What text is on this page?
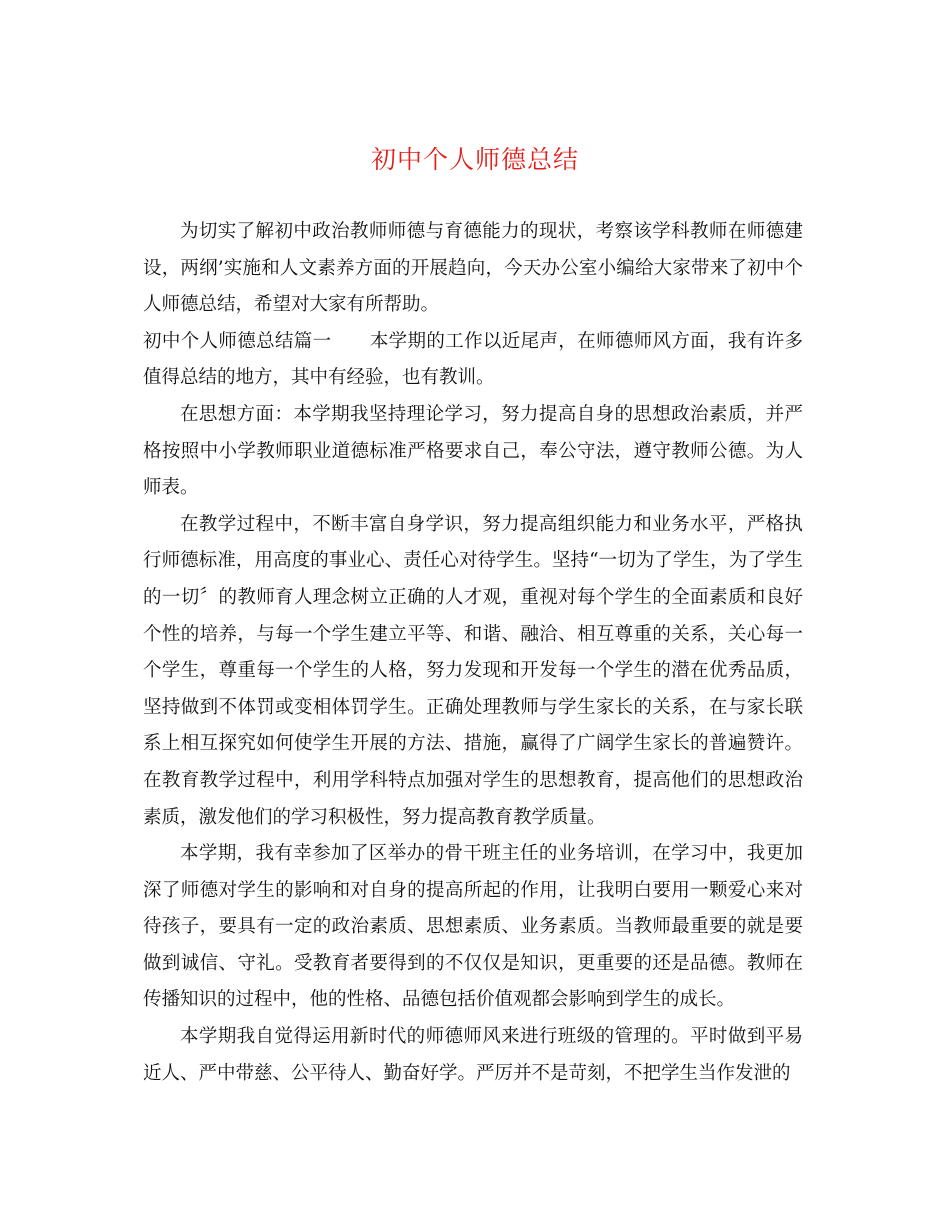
初中个人师德总结

为切实了解初中政治教师师德与育德能力的现状，考察该学科教师在师德建设，两纲’实施和人文素养方面的开展趋向，今天办公室小编给大家带来了初中个人师德总结，希望对大家有所帮助。

初中个人师德总结篇一 本学期的工作以近尾声，在师德师风方面，我有许多值得总结的地方，其中有经验，也有教训。

在思想方面：本学期我坚持理论学习，努力提高自身的思想政治素质，并严格按照中小学教师职业道德标准严格要求自己，奉公守法，遵守教师公德。为人师表。

在教学过程中，不断丰富自身学识，努力提高组织能力和业务水平，严格执行师德标准，用高度的事业心、责任心对待学生。坚持“一切为了学生，为了学生的一切〞的教师育人理念树立正确的人才观，重视对每个学生的全面素质和良好个性的培养，与每一个学生建立平等、和谐、融洽、相互尊重的关系，关心每一个学生，尊重每一个学生的人格，努力发现和开发每一个学生的潜在优秀品质，坚持做到不体罚或变相体罚学生。正确处理教师与学生家长的关系，在与家长联系上相互探究如何使学生开展的方法、措施，赢得了广阔学生家长的普遍赞许。在教育教学过程中，利用学科特点加强对学生的思想教育，提高他们的思想政治素质，激发他们的学习积极性，努力提高教育教学质量。

本学期，我有幸参加了区举办的骨干班主任的业务培训，在学习中，我更加深了师德对学生的影响和对自身的提高所起的作用，让我明白要用一颗爱心来对待孩子，要具有一定的政治素质、思想素质、业务素质。当教师最重要的就是要做到诚信、守礼。受教育者要得到的不仅仅是知识，更重要的还是品德。教师在传播知识的过程中，他的性格、品德包括价值观都会影响到学生的成长。

本学期我自觉得运用新时代的师德师风来进行班级的管理的。平时做到平易近人、严中带慈、公平待人、勤奋好学。严厉并不是苛刻，不把学生当作发泄的
